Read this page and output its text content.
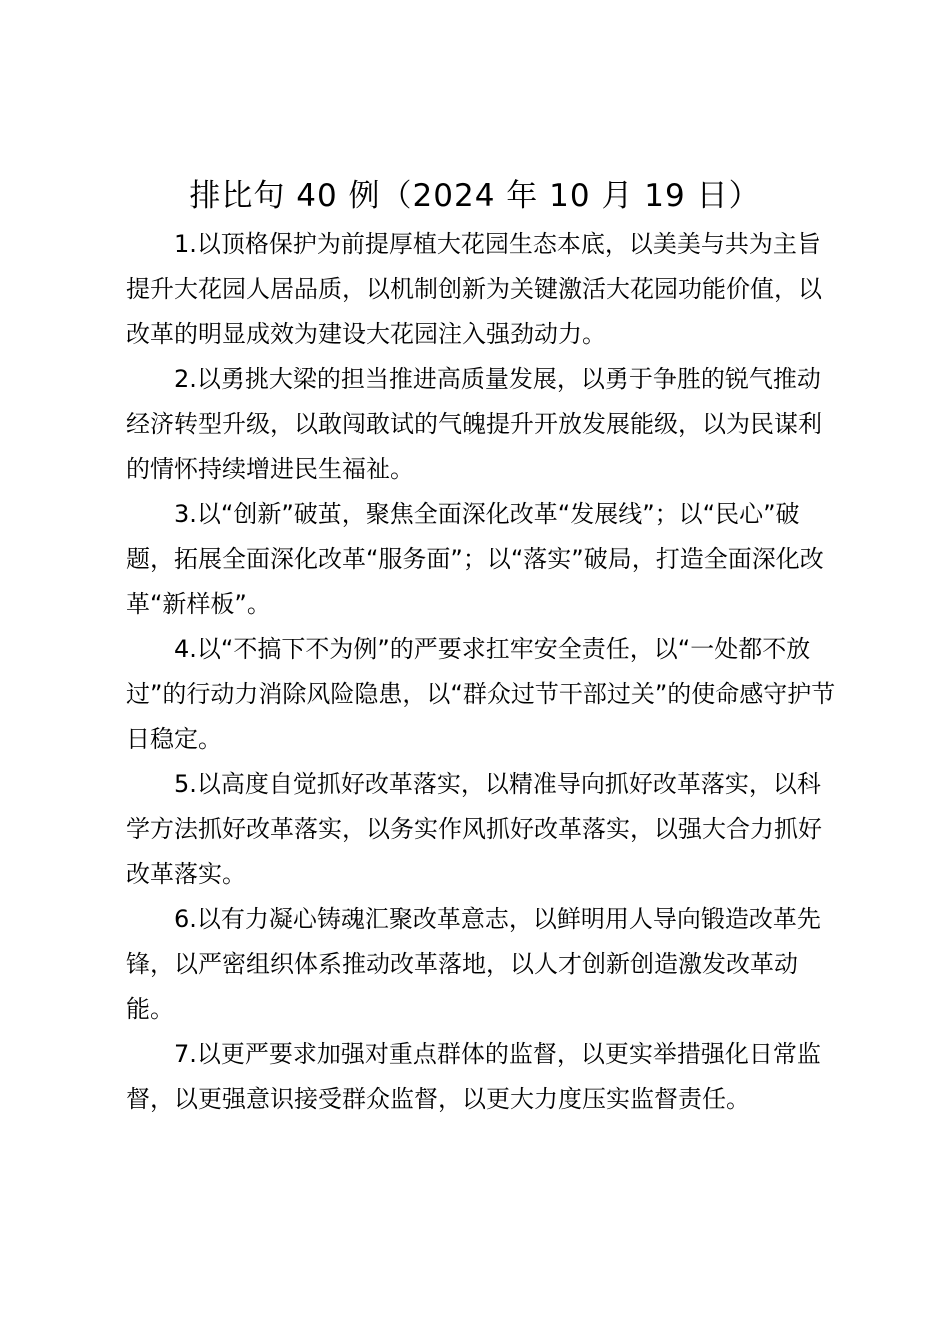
排比句 40 例（2024 年 10 月 19 日）

1.以顶格保护为前提厚植大花园生态本底，以美美与共为主旨提升大花园人居品质，以机制创新为关键激活大花园功能价值，以改革的明显成效为建设大花园注入强劲动力。

2.以勇挑大梁的担当推进高质量发展，以勇于争胜的锐气推动经济转型升级，以敢闯敢试的气魄提升开放发展能级，以为民谋利的情怀持续增进民生福祉。

3.以“创新”破茧，聚焦全面深化改革“发展线”；以“民心”破题，拓展全面深化改革“服务面”；以“落实”破局，打造全面深化改革“新样板”。

4.以“不搞下不为例”的严要求扛牢安全责任，以“一处都不放过”的行动力消除风险隐患，以“群众过节干部过关”的使命感守护节日稳定。

5.以高度自觉抓好改革落实，以精准导向抓好改革落实，以科学方法抓好改革落实，以务实作风抓好改革落实，以强大合力抓好改革落实。

6.以有力凝心铸魂汇聚改革意志，以鲜明用人导向锻造改革先锋，以严密组织体系推动改革落地，以人才创新创造激发改革动能。

7.以更严要求加强对重点群体的监督，以更实举措强化日常监督，以更强意识接受群众监督，以更大力度压实监督责任。
